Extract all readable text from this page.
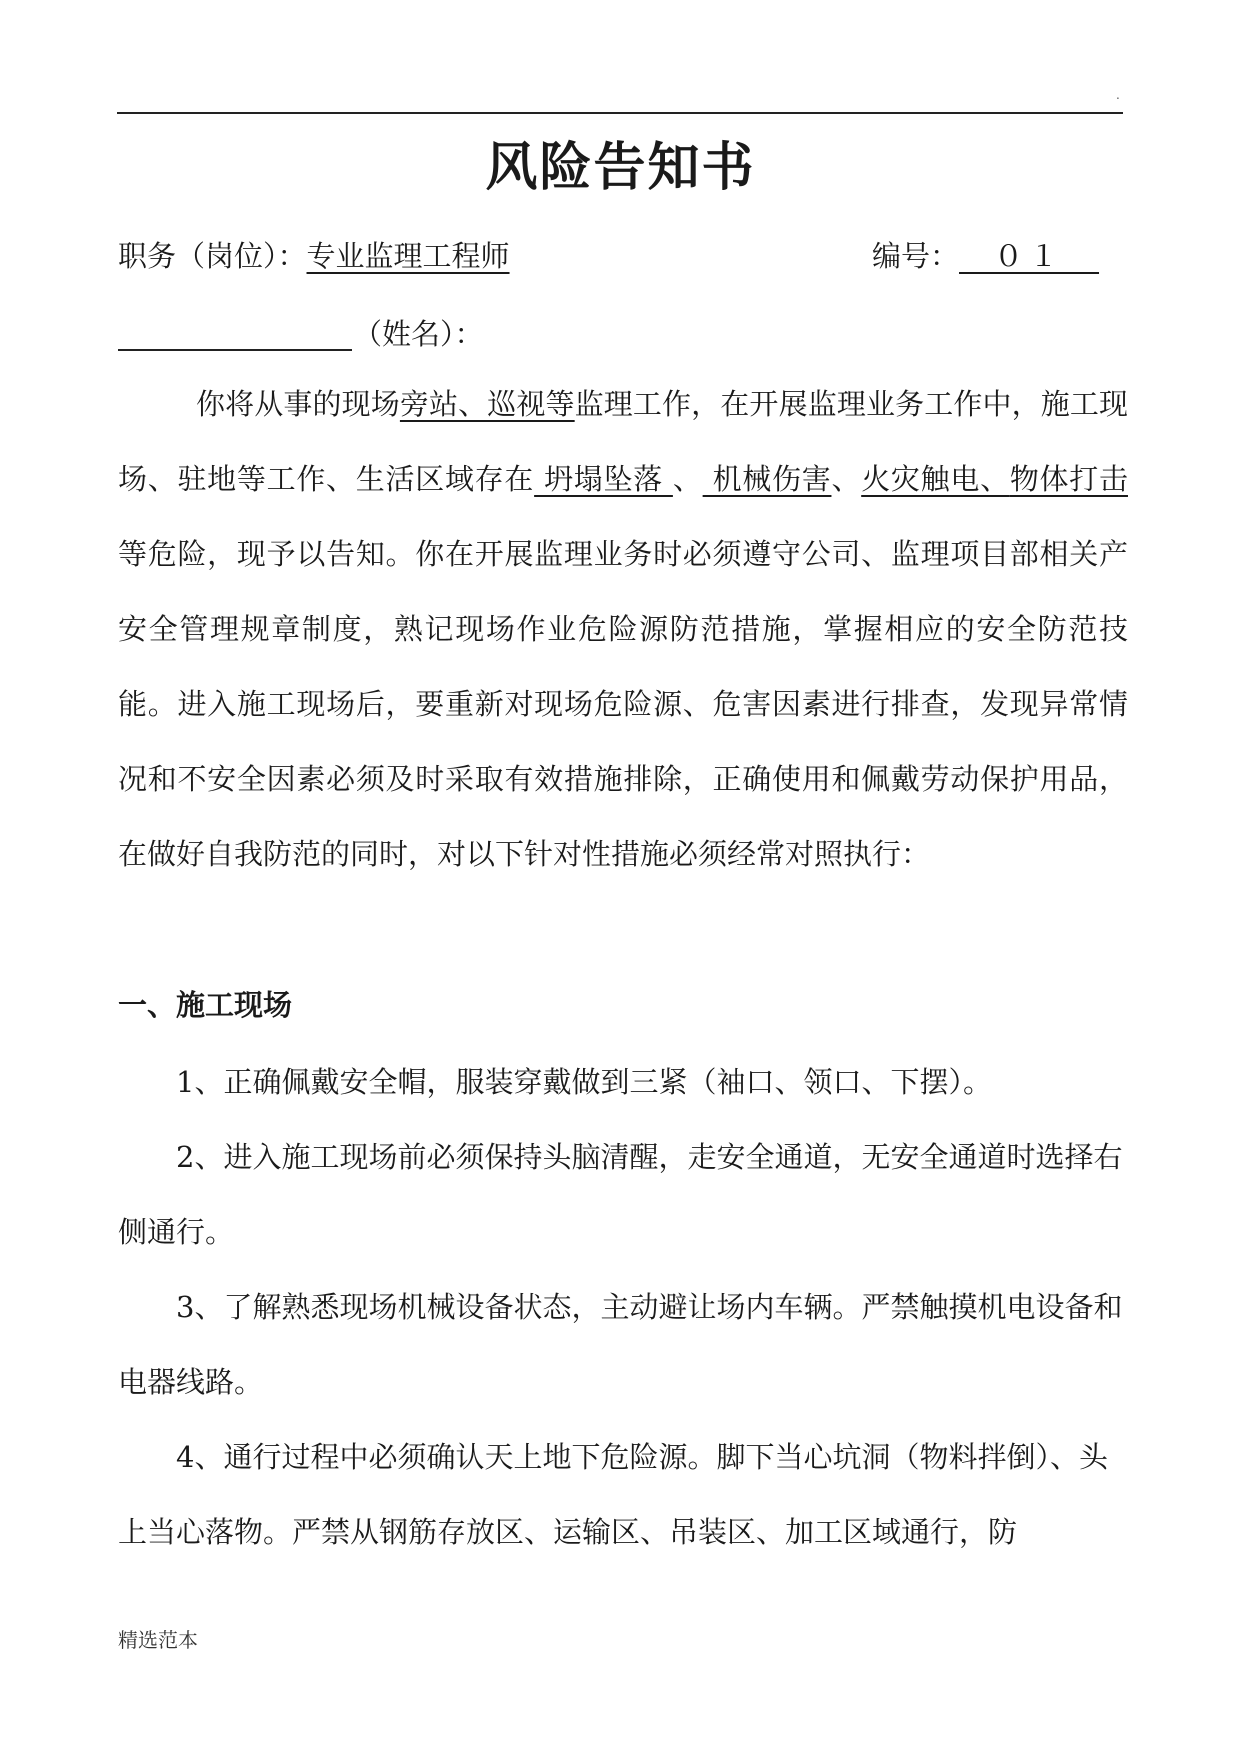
.
风险告知书
职务（岗位）：专业监理工程师	编号：　０１　
（姓名）：

你将从事的现场旁站、巡视等监理工作，在开展监理业务工作中，施工现场、驻地等工作、生活区域存在 坍塌坠落 、 机械伤害、火灾触电、物体打击 等危险，现予以告知。你在开展监理业务时必须遵守公司、监理项目部相关产安全管理规章制度，熟记现场作业危险源防范措施，掌握相应的安全防范技能。进入施工现场后，要重新对现场危险源、危害因素进行排查，发现异常情况和不安全因素必须及时采取有效措施排除，正确使用和佩戴劳动保护用品，在做好自我防范的同时，对以下针对性措施必须经常对照执行：

一、施工现场

1、正确佩戴安全帽，服装穿戴做到三紧（袖口、领口、下摆）。

2、进入施工现场前必须保持头脑清醒，走安全通道，无安全通道时选择右侧通行。

3、了解熟悉现场机械设备状态，主动避让场内车辆。严禁触摸机电设备和电器线路。

4、通行过程中必须确认天上地下危险源。脚下当心坑洞（物料拌倒）、头上当心落物。严禁从钢筋存放区、运输区、吊装区、加工区域通行，防

精选范本
